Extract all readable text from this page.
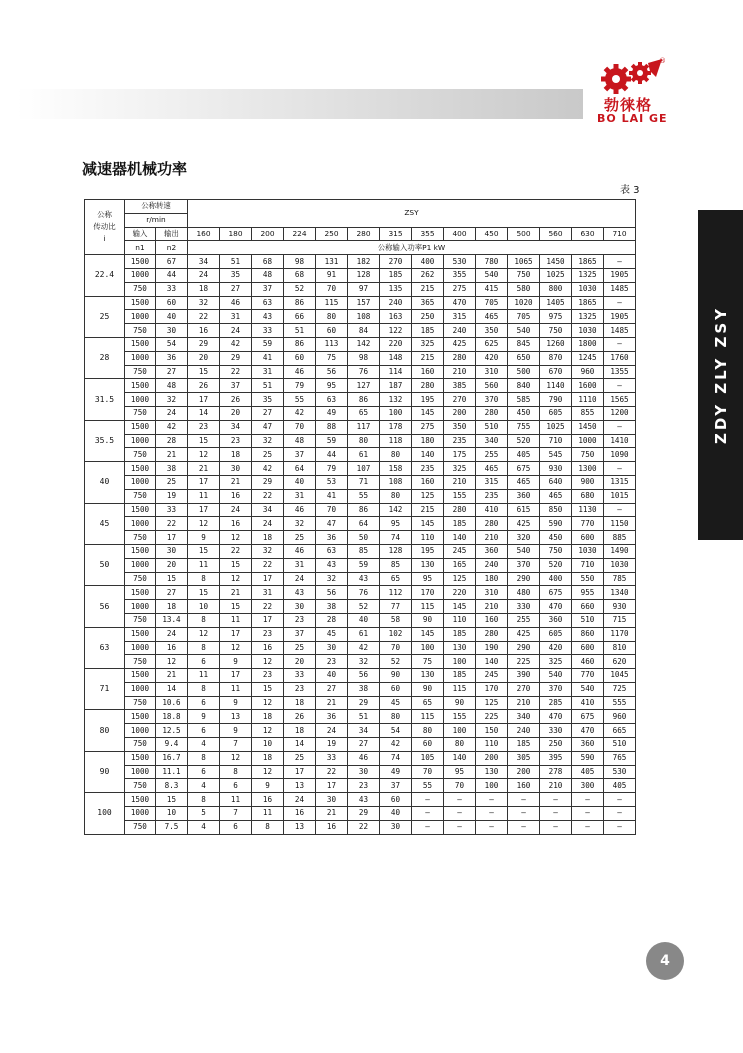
®
勃徕格
BO LAI GE
减速器机械功率
表 3
ZDY ZLY ZSY
公称
传动比
i	公称转速		ZSY													
	r/min															
	输入	输出	160	180	200	224	250	280	315	355	400	450	500	560	630	710
	n1	n2	公称输入功率P1 kW													
22.4	1500	67	34	51	68	98	131	182	270	400	530	780	1065	1450	1865	–
	1000	44	24	35	48	68	91	128	185	262	355	540	750	1025	1325	1905
	750	33	18	27	37	52	70	97	135	215	275	415	580	800	1030	1485
25	1500	60	32	46	63	86	115	157	240	365	470	705	1020	1405	1865	–
	1000	40	22	31	43	66	80	108	163	250	315	465	705	975	1325	1905
	750	30	16	24	33	51	60	84	122	185	240	350	540	750	1030	1485
28	1500	54	29	42	59	86	113	142	220	325	425	625	845	1260	1800	–
	1000	36	20	29	41	60	75	98	148	215	280	420	650	870	1245	1760
	750	27	15	22	31	46	56	76	114	160	210	310	500	670	960	1355
31.5	1500	48	26	37	51	79	95	127	187	280	385	560	840	1140	1600	–
	1000	32	17	26	35	55	63	86	132	195	270	370	585	790	1110	1565
	750	24	14	20	27	42	49	65	100	145	200	280	450	605	855	1200
35.5	1500	42	23	34	47	70	88	117	178	275	350	510	755	1025	1450	–
	1000	28	15	23	32	48	59	80	118	180	235	340	520	710	1000	1410
	750	21	12	18	25	37	44	61	80	140	175	255	405	545	750	1090
40	1500	38	21	30	42	64	79	107	158	235	325	465	675	930	1300	–
	1000	25	17	21	29	40	53	71	108	160	210	315	465	640	900	1315
	750	19	11	16	22	31	41	55	80	125	155	235	360	465	680	1015
45	1500	33	17	24	34	46	70	86	142	215	280	410	615	850	1130	–
	1000	22	12	16	24	32	47	64	95	145	185	280	425	590	770	1150
	750	17	9	12	18	25	36	50	74	110	140	210	320	450	600	885
50	1500	30	15	22	32	46	63	85	128	195	245	360	540	750	1030	1490
	1000	20	11	15	22	31	43	59	85	130	165	240	370	520	710	1030
	750	15	8	12	17	24	32	43	65	95	125	180	290	400	550	785
56	1500	27	15	21	31	43	56	76	112	170	220	310	480	675	955	1340
	1000	18	10	15	22	30	38	52	77	115	145	210	330	470	660	930
	750	13.4	8	11	17	23	28	40	58	90	110	160	255	360	510	715
63	1500	24	12	17	23	37	45	61	102	145	185	280	425	605	860	1170
	1000	16	8	12	16	25	30	42	70	100	130	190	290	420	600	810
	750	12	6	9	12	20	23	32	52	75	100	140	225	325	460	620
71	1500	21	11	17	23	33	40	56	90	130	185	245	390	540	770	1045
	1000	14	8	11	15	23	27	38	60	90	115	170	270	370	540	725
	750	10.6	6	9	12	18	21	29	45	65	90	125	210	285	410	555
80	1500	18.8	9	13	18	26	36	51	80	115	155	225	340	470	675	960
	1000	12.5	6	9	12	18	24	34	54	80	100	150	240	330	470	665
	750	9.4	4	7	10	14	19	27	42	60	80	110	185	250	360	510
90	1500	16.7	8	12	18	25	33	46	74	105	140	200	305	395	590	765
	1000	11.1	6	8	12	17	22	30	49	70	95	130	200	278	405	530
	750	8.3	4	6	9	13	17	23	37	55	70	100	160	210	300	405
100	1500	15	8	11	16	24	30	43	60	–	–	–	–	–	–	–
	1000	10	5	7	11	16	21	29	40	–	–	–	–	–	–	–
	750	7.5	4	6	8	13	16	22	30	–	–	–	–	–	–	–
4
